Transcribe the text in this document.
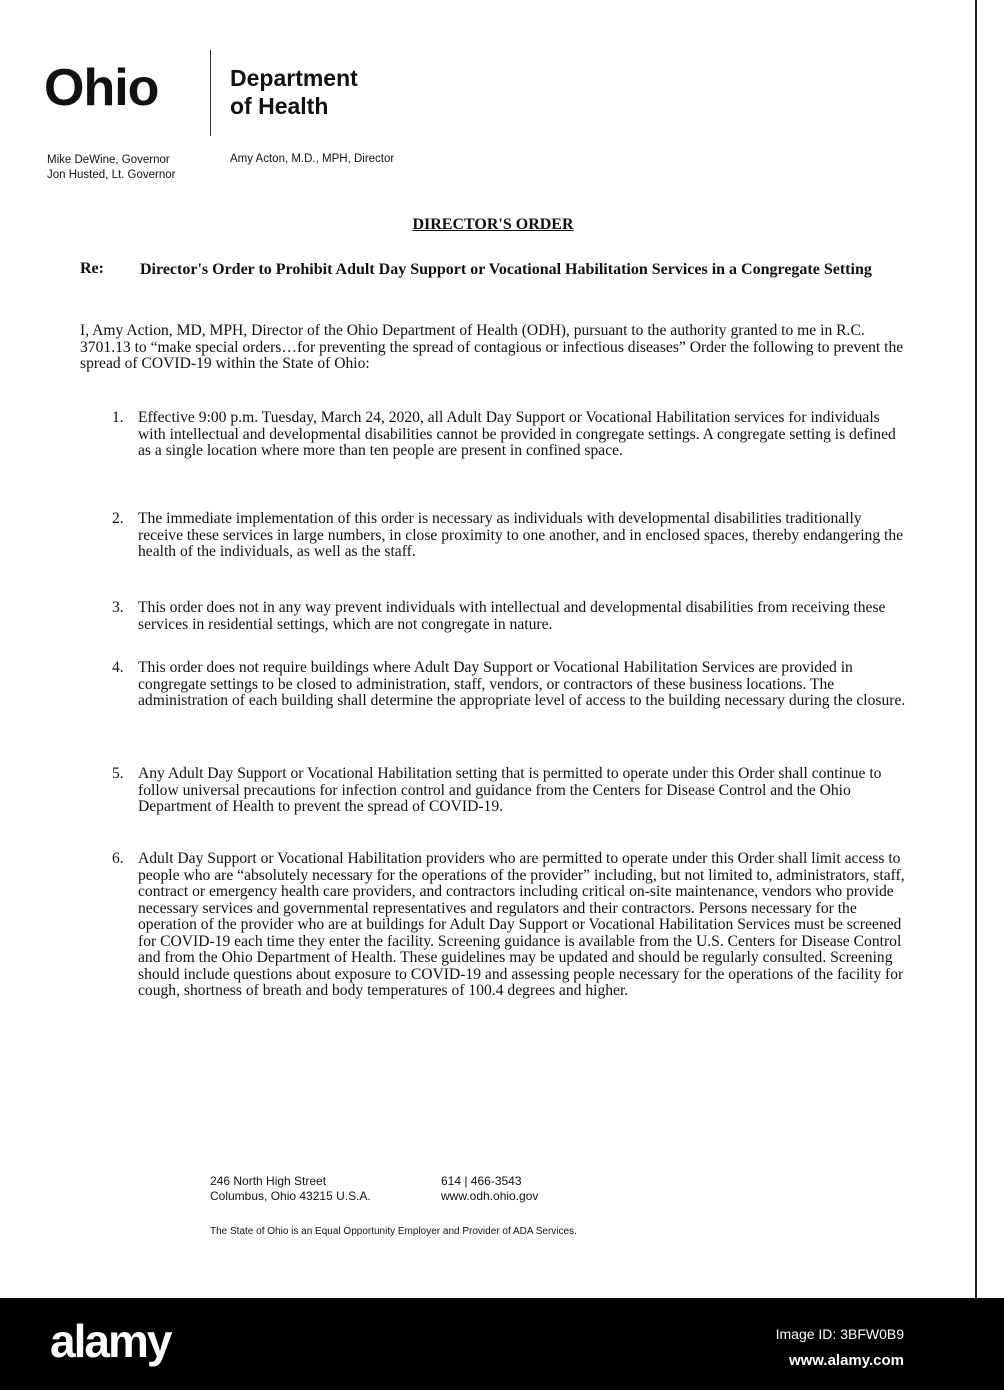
Ohio	Department
of Health
Mike DeWine, Governor
Jon Husted, Lt. Governor
Amy Acton, M.D., MPH, Director
DIRECTOR'S ORDER
Re: Director's Order to Prohibit Adult Day Support or Vocational Habilitation Services in a Congregate Setting
I, Amy Action, MD, MPH, Director of the Ohio Department of Health (ODH), pursuant to the authority granted to me in R.C. 3701.13 to “make special orders…for preventing the spread of contagious or infectious diseases” Order the following to prevent the spread of COVID-19 within the State of Ohio:
1. Effective 9:00 p.m. Tuesday, March 24, 2020, all Adult Day Support or Vocational Habilitation services for individuals with intellectual and developmental disabilities cannot be provided in congregate settings. A congregate setting is defined as a single location where more than ten people are present in confined space.
2. The immediate implementation of this order is necessary as individuals with developmental disabilities traditionally receive these services in large numbers, in close proximity to one another, and in enclosed spaces, thereby endangering the health of the individuals, as well as the staff.
3. This order does not in any way prevent individuals with intellectual and developmental disabilities from receiving these services in residential settings, which are not congregate in nature.
4. This order does not require buildings where Adult Day Support or Vocational Habilitation Services are provided in congregate settings to be closed to administration, staff, vendors, or contractors of these business locations. The administration of each building shall determine the appropriate level of access to the building necessary during the closure.
5. Any Adult Day Support or Vocational Habilitation setting that is permitted to operate under this Order shall continue to follow universal precautions for infection control and guidance from the Centers for Disease Control and the Ohio Department of Health to prevent the spread of COVID-19.
6. Adult Day Support or Vocational Habilitation providers who are permitted to operate under this Order shall limit access to people who are “absolutely necessary for the operations of the provider” including, but not limited to, administrators, staff, contract or emergency health care providers, and contractors including critical on-site maintenance, vendors who provide necessary services and governmental representatives and regulators and their contractors. Persons necessary for the operation of the provider who are at buildings for Adult Day Support or Vocational Habilitation Services must be screened for COVID-19 each time they enter the facility. Screening guidance is available from the U.S. Centers for Disease Control and from the Ohio Department of Health. These guidelines may be updated and should be regularly consulted. Screening should include questions about exposure to COVID-19 and assessing people necessary for the operations of the facility for cough, shortness of breath and body temperatures of 100.4 degrees and higher.
246 North High Street
Columbus, Ohio 43215 U.S.A.
614 | 466-3543
www.odh.ohio.gov
The State of Ohio is an Equal Opportunity Employer and Provider of ADA Services.
alamy	Image ID: 3BFW0B9
www.alamy.com
